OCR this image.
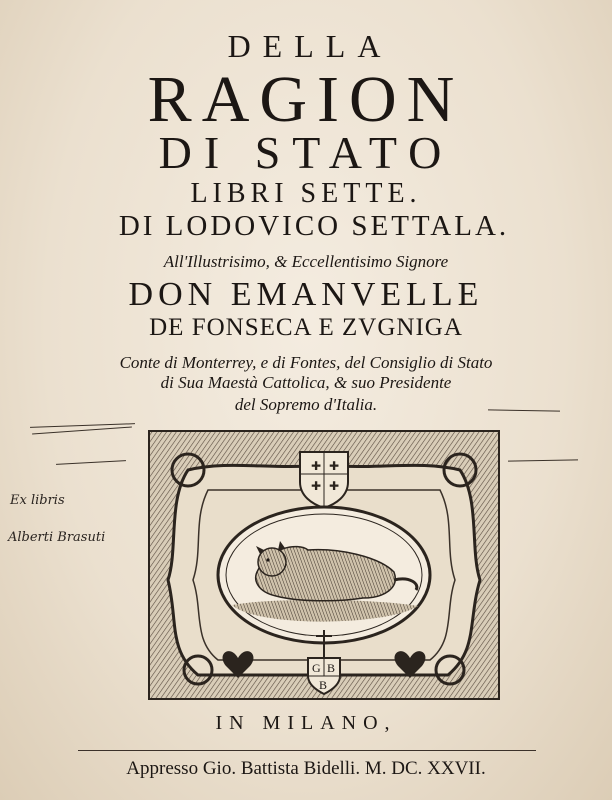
DELLA
RAGION
DI STATO
LIBRI SETTE.
DI LODOVICO SETTALA.
All'Illustrisimo, & Eccellentisimo Signore
DON EMANVELLE
DE FONSECA E ZVGNIGA
Conte di Monterrey, e di Fontes, del Consiglio di Stato
di Sua Maestà Cattolica, & suo Presidente
del Sopremo d'Italia.
Ex libris
Alberti Brasuti
✚ ✚
✚ ✚
G B
B
IN MILANO,
Appresso Gio. Battista Bidelli. M. DC. XXVII.
